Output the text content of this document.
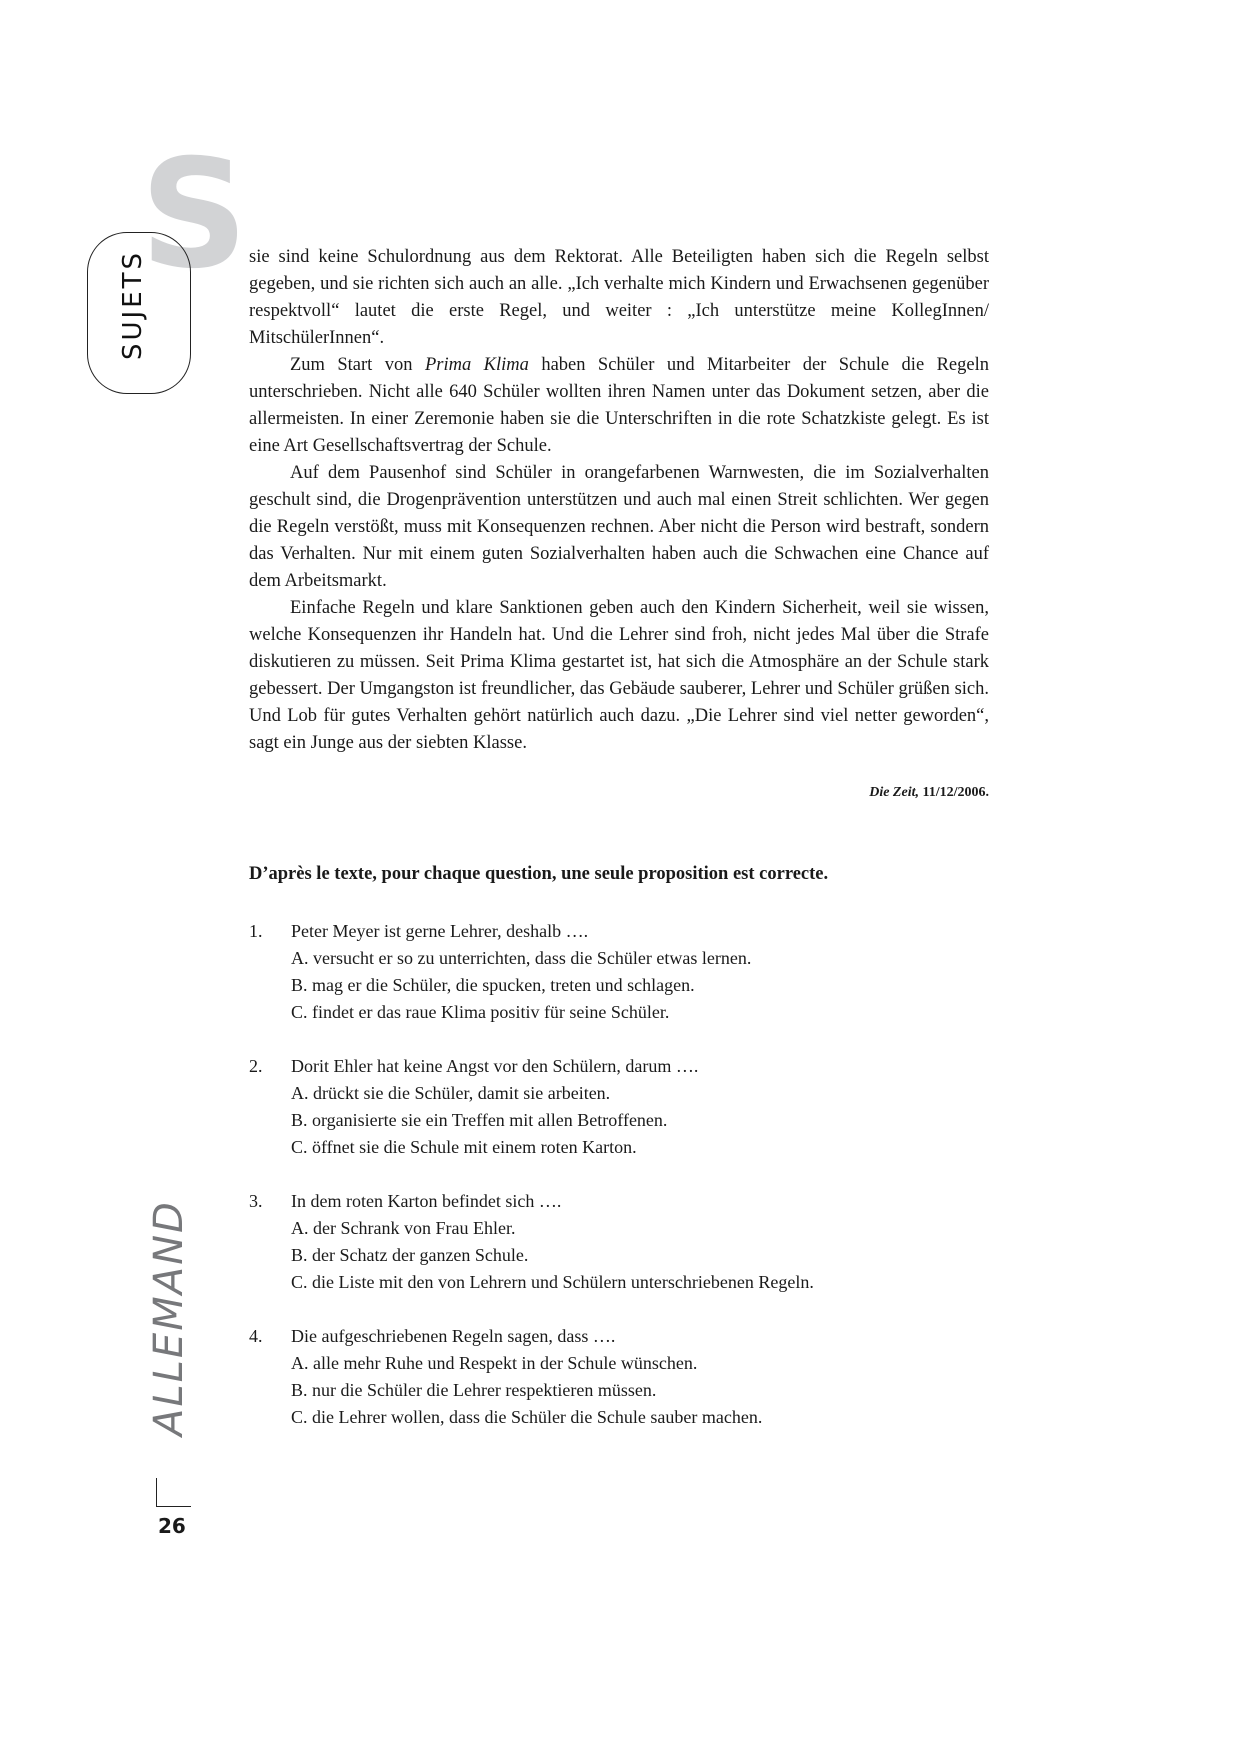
S
SUJETS
ALLEMAND
26

sie sind keine Schulordnung aus dem Rektorat. Alle Beteiligten haben sich die Regeln selbst gegeben, und sie richten sich auch an alle. „Ich verhalte mich Kindern und Erwachsenen gegenüber respektvoll“ lautet die erste Regel, und weiter : „Ich unterstütze meine KollegInnen/ MitschülerInnen“.

Zum Start von Prima Klima haben Schüler und Mitarbeiter der Schule die Regeln unterschrieben. Nicht alle 640 Schüler wollten ihren Namen unter das Dokument setzen, aber die allermeisten. In einer Zeremonie haben sie die Unterschriften in die rote Schatzkiste gelegt. Es ist eine Art Gesellschaftsvertrag der Schule.

Auf dem Pausenhof sind Schüler in orangefarbenen Warnwesten, die im Sozialverhalten geschult sind, die Drogenprävention unterstützen und auch mal einen Streit schlichten. Wer gegen die Regeln verstößt, muss mit Konsequenzen rechnen. Aber nicht die Person wird bestraft, sondern das Verhalten. Nur mit einem guten Sozialverhalten haben auch die Schwachen eine Chance auf dem Arbeitsmarkt.

Einfache Regeln und klare Sanktionen geben auch den Kindern Sicherheit, weil sie wissen, welche Konsequenzen ihr Handeln hat. Und die Lehrer sind froh, nicht jedes Mal über die Strafe diskutieren zu müssen. Seit Prima Klima gestartet ist, hat sich die Atmosphäre an der Schule stark gebessert. Der Umgangston ist freundlicher, das Gebäude sauberer, Lehrer und Schüler grüßen sich. Und Lob für gutes Verhalten gehört natürlich auch dazu. „Die Lehrer sind viel netter geworden“, sagt ein Junge aus der siebten Klasse.

Die Zeit, 11/12/2006.
D’après le texte, pour chaque question, une seule proposition est correcte.
1.	Peter Meyer ist gerne Lehrer, deshalb ….
A. versucht er so zu unterrichten, dass die Schüler etwas lernen.
B. mag er die Schüler, die spucken, treten und schlagen.
C. findet er das raue Klima positiv für seine Schüler.
2.	Dorit Ehler hat keine Angst vor den Schülern, darum ….
A. drückt sie die Schüler, damit sie arbeiten.
B. organisierte sie ein Treffen mit allen Betroffenen.
C. öffnet sie die Schule mit einem roten Karton.
3.	In dem roten Karton befindet sich ….
A. der Schrank von Frau Ehler.
B. der Schatz der ganzen Schule.
C. die Liste mit den von Lehrern und Schülern unterschriebenen Regeln.
4.	Die aufgeschriebenen Regeln sagen, dass ….
A. alle mehr Ruhe und Respekt in der Schule wünschen.
B. nur die Schüler die Lehrer respektieren müssen.
C. die Lehrer wollen, dass die Schüler die Schule sauber machen.
